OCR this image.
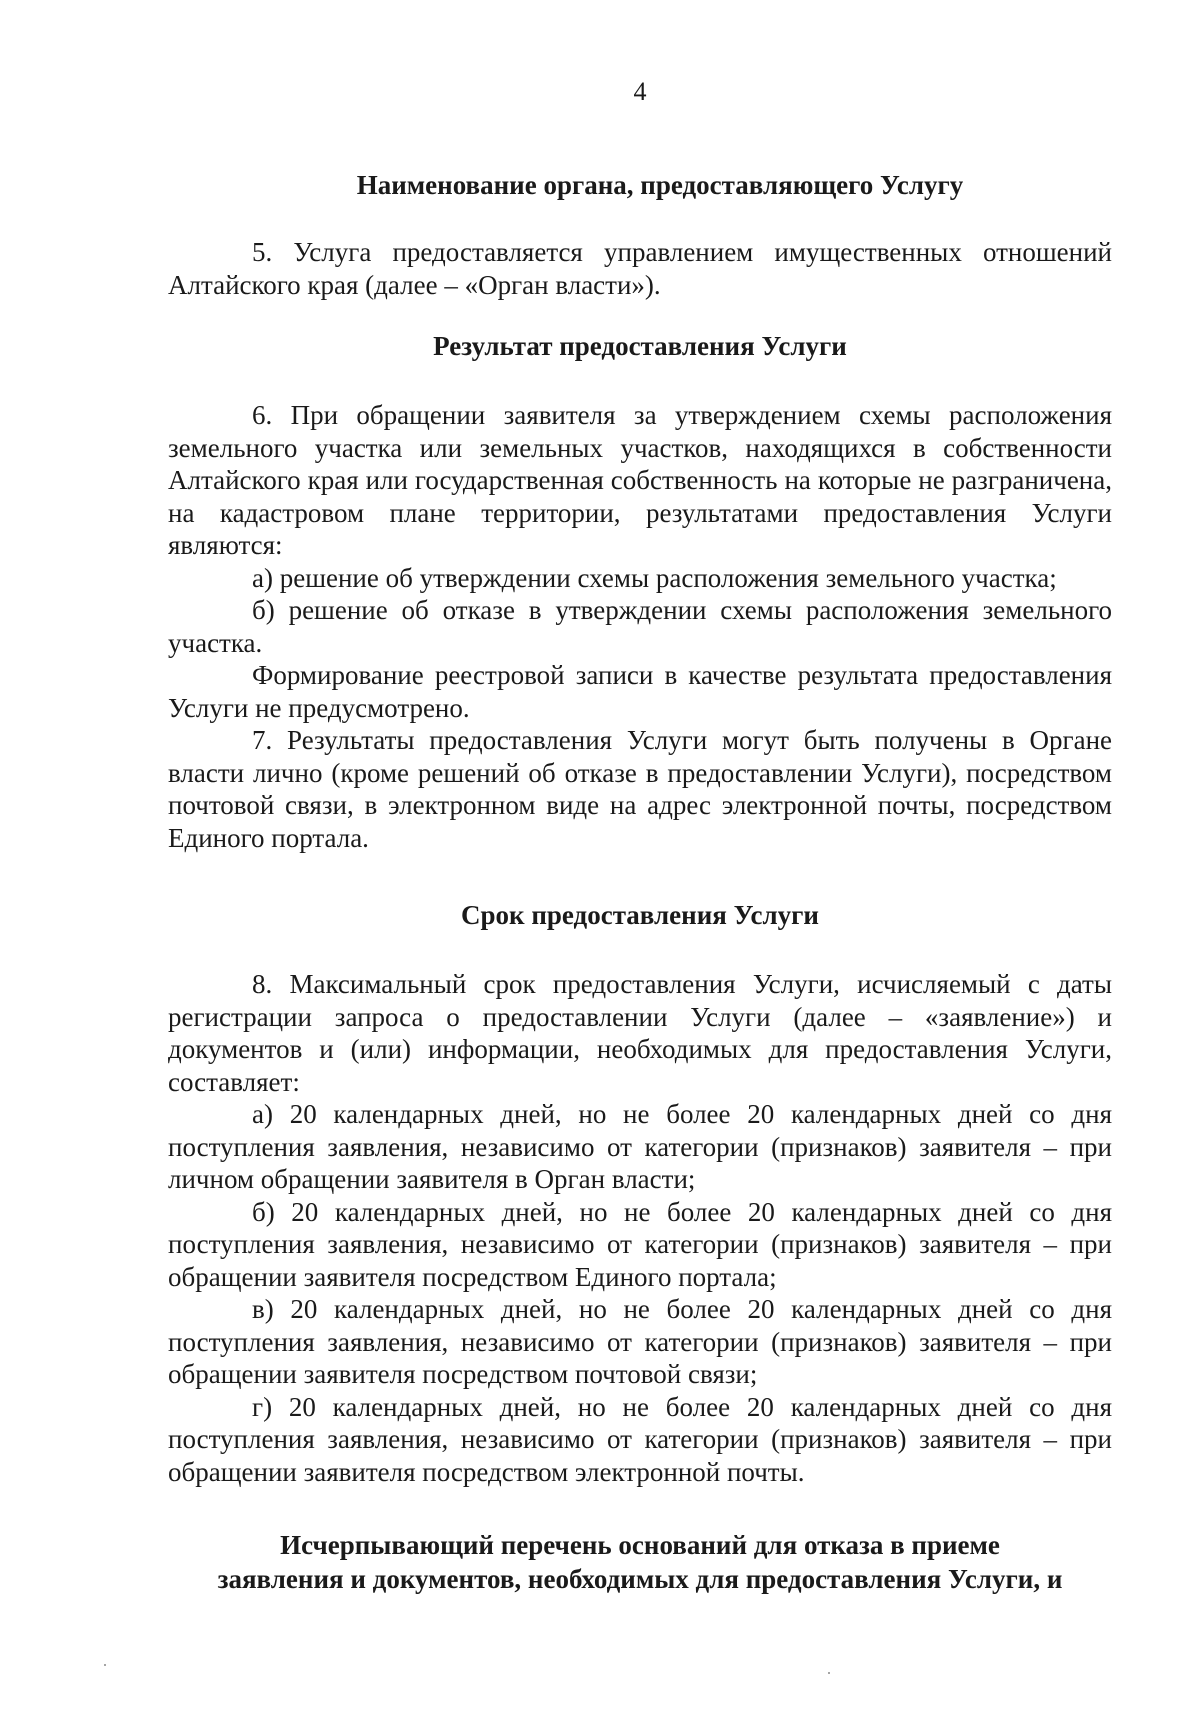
4
Наименование органа, предоставляющего Услугу

5. Услуга предоставляется управлением имущественных отношений Алтайского края (далее – «Орган власти»).

Результат предоставления Услуги

6. При обращении заявителя за утверждением схемы расположения земельного участка или земельных участков, находящихся в собственности Алтайского края или государственная собственность на которые не разграничена, на кадастровом плане территории, результатами предоставления Услуги являются:

а) решение об утверждении схемы расположения земельного участка;

б) решение об отказе в утверждении схемы расположения земельного участка.

Формирование реестровой записи в качестве результата предоставления Услуги не предусмотрено.

7. Результаты предоставления Услуги могут быть получены в Органе власти лично (кроме решений об отказе в предоставлении Услуги), посредством почтовой связи, в электронном виде на адрес электронной почты, посредством Единого портала.

Срок предоставления Услуги

8. Максимальный срок предоставления Услуги, исчисляемый с даты регистрации запроса о предоставлении Услуги (далее – «заявление») и документов и (или) информации, необходимых для предоставления Услуги, составляет:

а) 20 календарных дней, но не более 20 календарных дней со дня поступления заявления, независимо от категории (признаков) заявителя – при личном обращении заявителя в Орган власти;

б) 20 календарных дней, но не более 20 календарных дней со дня поступления заявления, независимо от категории (признаков) заявителя – при обращении заявителя посредством Единого портала;

в) 20 календарных дней, но не более 20 календарных дней со дня поступления заявления, независимо от категории (признаков) заявителя – при обращении заявителя посредством почтовой связи;

г) 20 календарных дней, но не более 20 календарных дней со дня поступления заявления, независимо от категории (признаков) заявителя – при обращении заявителя посредством электронной почты.

Исчерпывающий перечень оснований для отказа в приеме
заявления и документов, необходимых для предоставления Услуги, и
